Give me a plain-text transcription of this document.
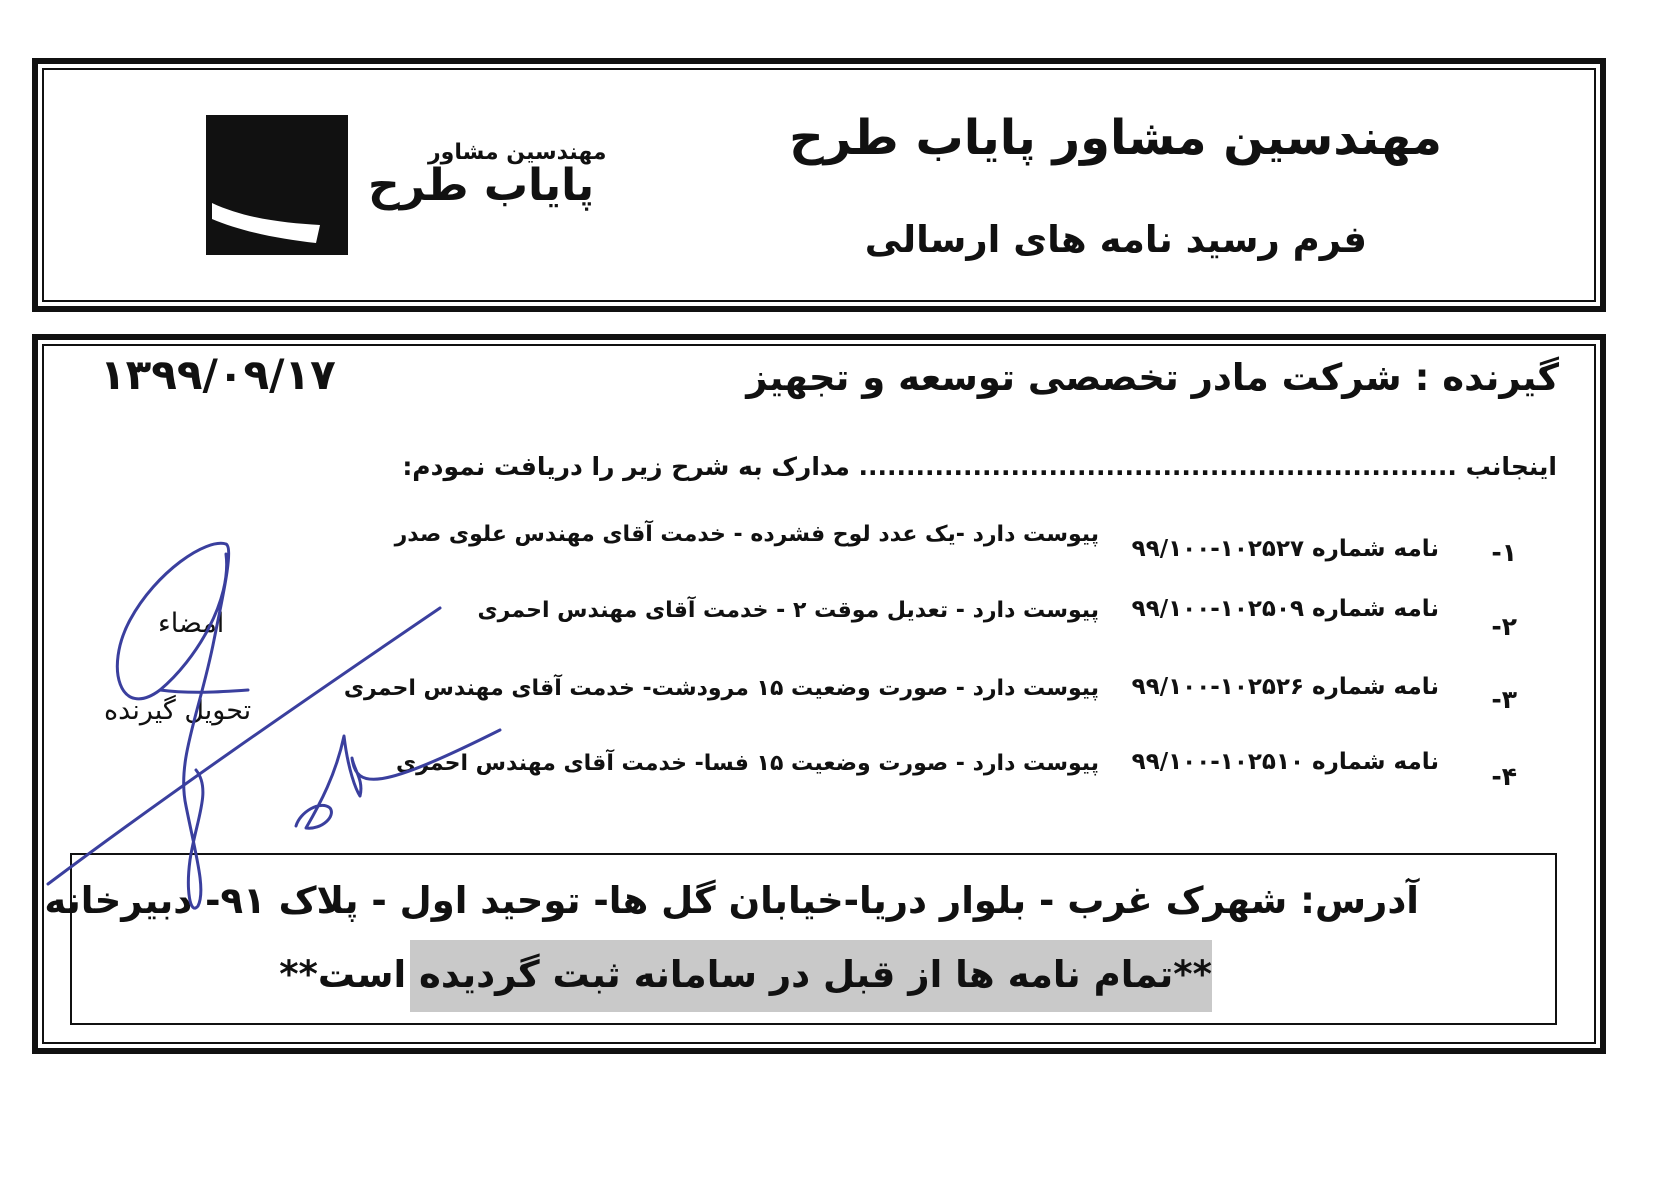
مهندسین مشاور
پایاب طرح
مهندسین مشاور پایاب طرح
فرم رسید نامه های ارسالی
گیرنده : شرکت مادر تخصصی توسعه و تجهیز
۱۳۹۹/۰۹/۱۷
اینجانب ............................................................... مدارک به شرح زیر را دریافت نمودم:
۱-
نامه شماره ۱۰۲۵۲۷-۹۹/۱۰۰
پیوست دارد -یک عدد لوح فشرده - خدمت آقای مهندس علوی صدر
۲-
نامه شماره ۱۰۲۵۰۹-۹۹/۱۰۰
پیوست دارد - تعدیل موقت ۲ - خدمت آقای مهندس احمری
۳-
نامه شماره ۱۰۲۵۲۶-۹۹/۱۰۰
پیوست دارد - صورت وضعیت ۱۵ مرودشت- خدمت آقای مهندس احمری
۴-
نامه شماره ۱۰۲۵۱۰-۹۹/۱۰۰
پیوست دارد - صورت وضعیت ۱۵ فسا- خدمت آقای مهندس احمری
امضاء
تحویل گیرنده
آدرس: شهرک غرب - بلوار دریا-خیابان گل ها- توحید اول - پلاک ۹۱- دبیرخانه
**تمام نامه ها از قبل در سامانه ثبت گردیده است**
